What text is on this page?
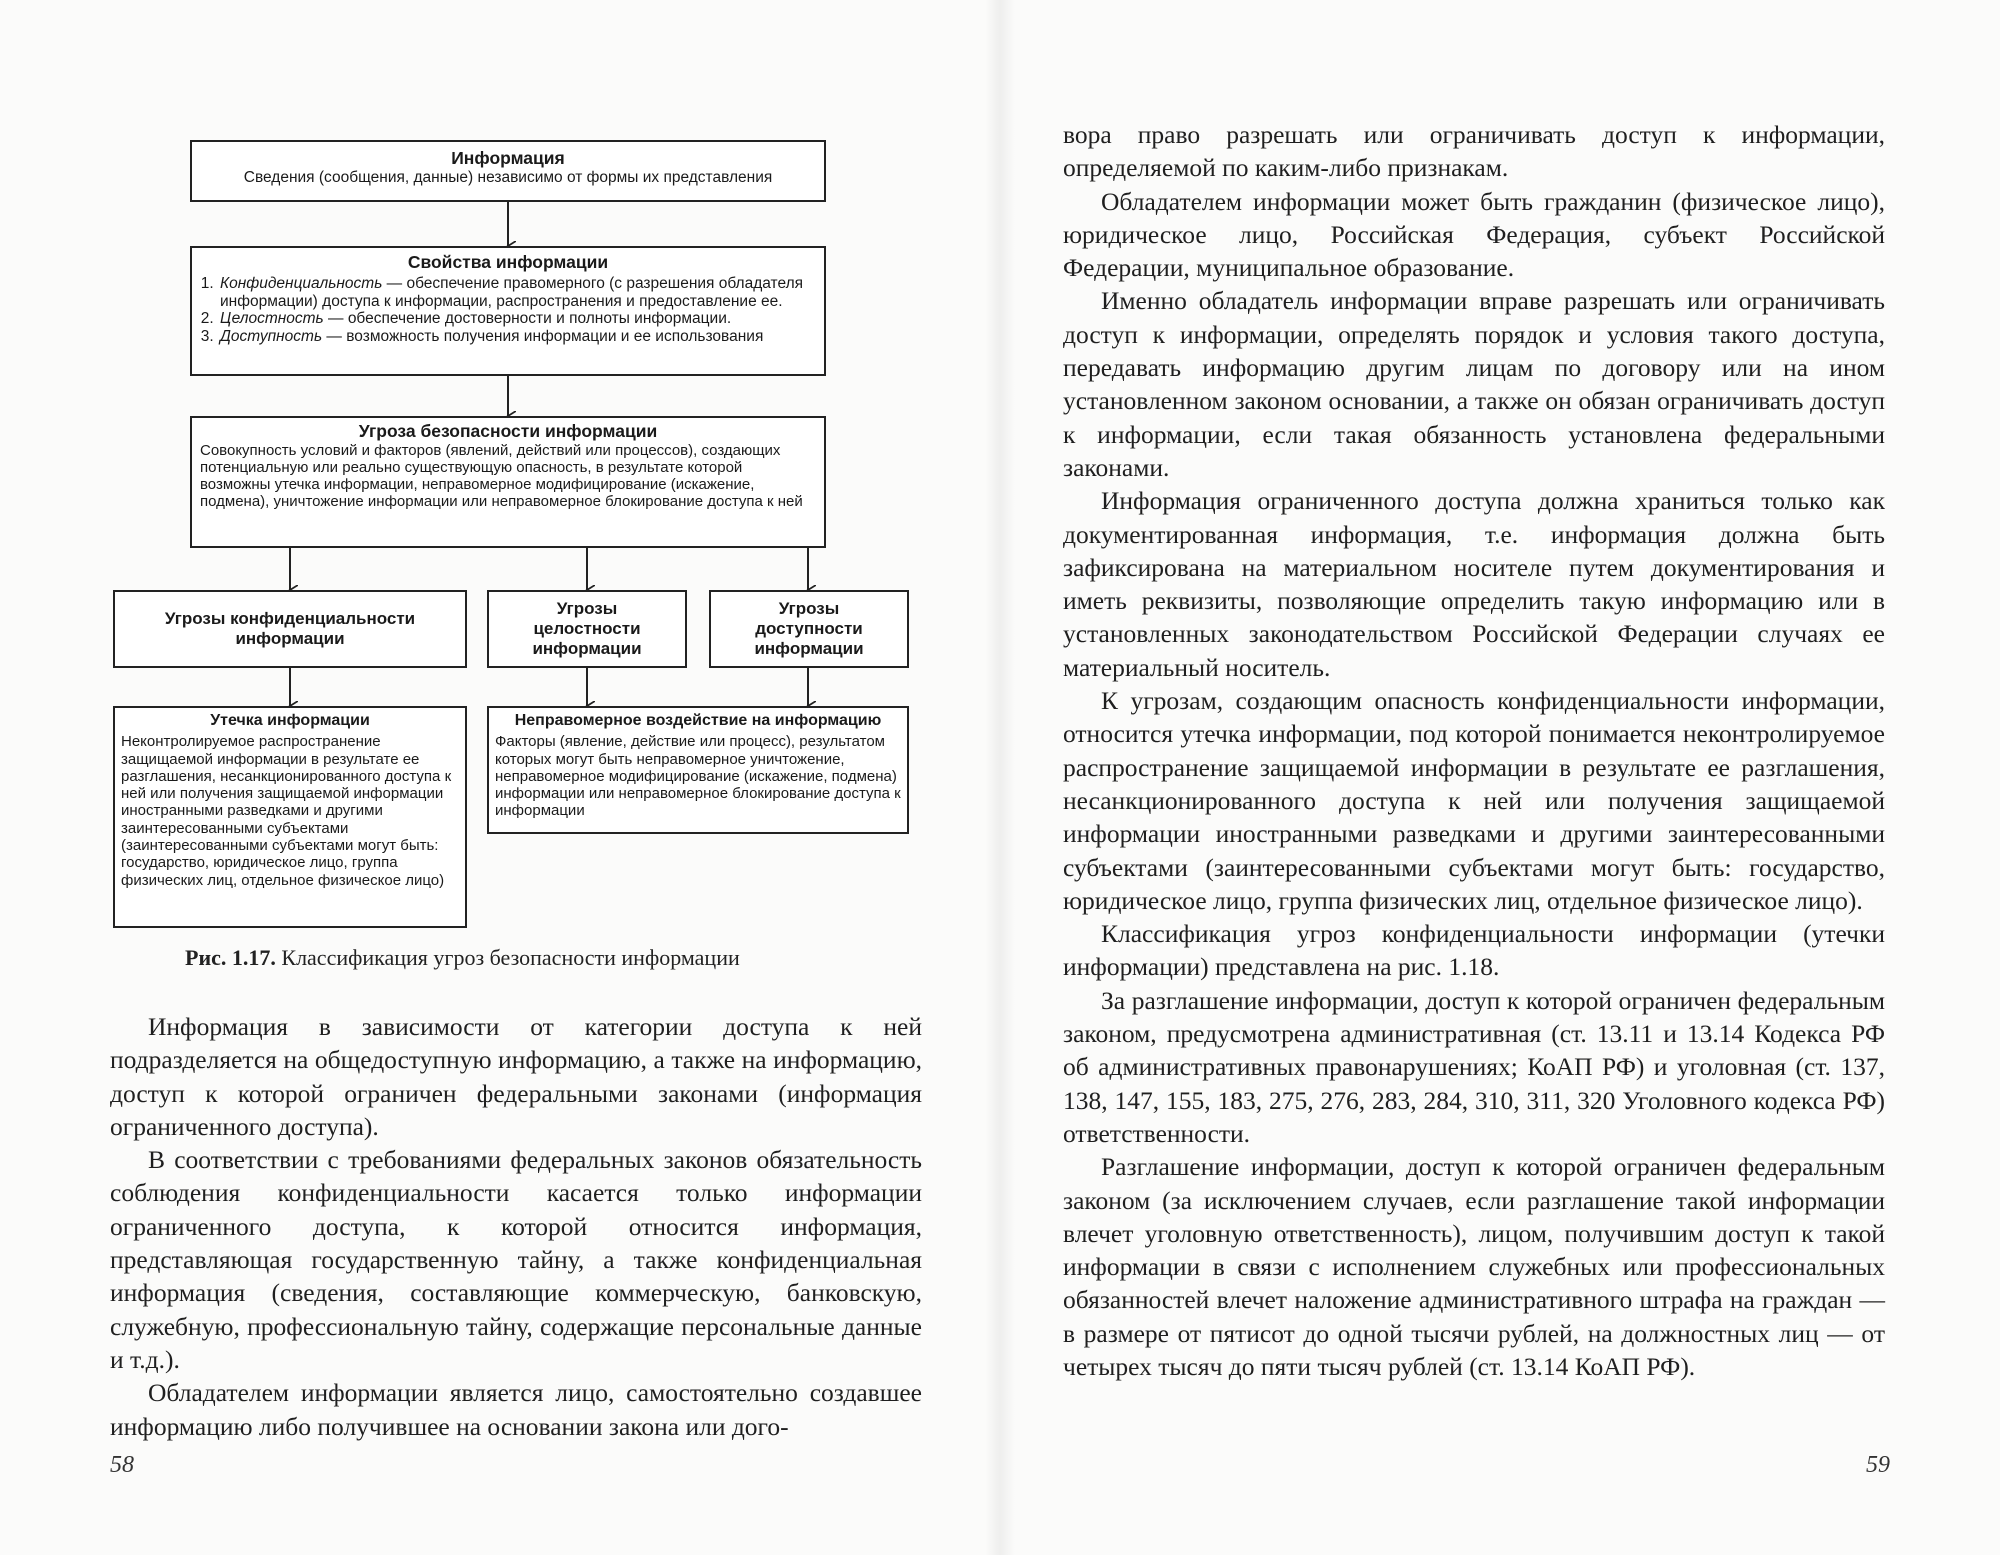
Информация

Сведения (сообщения, данные) независимо от формы их представления

Свойства информации
1. Конфиденциальность — обеспечение правомерного (с разрешения обладателя информации) доступа к информации, распространения и предоставление ее.
2. Целостность — обеспечение достоверности и полноты информации.
3. Доступность — возможность получения информации и ее использования
Угроза безопасности информации

Совокупность условий и факторов (явлений, действий или процессов), создающих потенциальную или реально существующую опасность, в результате которой возможны утечка информации, неправомерное модифицирование (искажение, подмена), уничтожение информации или неправомерное блокирование доступа к ней

Угрозы конфиденциальности информации
Угрозы целостности информации
Угрозы доступности информации
Утечка информации

Неконтролируемое распространение защищаемой информации в результате ее разглашения, несанкционированного доступа к ней или получения защищаемой информации иностранными разведками и другими заинтересованными субъектами (заинтересованными субъектами могут быть: государство, юридическое лицо, группа физических лиц, отдельное физическое лицо)

Неправомерное воздействие на информацию

Факторы (явление, действие или процесс), результатом которых могут быть неправомерное уничтожение, неправомерное модифицирование (искажение, подмена) информации или неправомерное блокирование доступа к информации

Рис. 1.17. Классификация угроз безопасности информации

Информация в зависимости от категории доступа к ней подразделяется на общедоступную информацию, а также на информацию, доступ к которой ограничен федеральными законами (информация ограниченного доступа).

В соответствии с требованиями федеральных законов обязательность соблюдения конфиденциальности касается только информации ограниченного доступа, к которой относится информация, представляющая государственную тайну, а также конфиденциальная информация (сведения, составляющие коммерческую, банковскую, служебную, профессиональную тайну, содержащие персональные данные и т.д.).

Обладателем информации является лицо, самостоятельно создавшее информацию либо получившее на основании закона или дого-

58

вора право разрешать или ограничивать доступ к информации, определяемой по каким-либо признакам.

Обладателем информации может быть гражданин (физическое лицо), юридическое лицо, Российская Федерация, субъект Российской Федерации, муниципальное образование.

Именно обладатель информации вправе разрешать или ограничивать доступ к информации, определять порядок и условия такого доступа, передавать информацию другим лицам по договору или на ином установленном законом основании, а также он обязан ограничивать доступ к информации, если такая обязанность установлена федеральными законами.

Информация ограниченного доступа должна храниться только как документированная информация, т.е. информация должна быть зафиксирована на материальном носителе путем документирования и иметь реквизиты, позволяющие определить такую информацию или в установленных законодательством Российской Федерации случаях ее материальный носитель.

К угрозам, создающим опасность конфиденциальности информации, относится утечка информации, под которой понимается неконтролируемое распространение защищаемой информации в результате ее разглашения, несанкционированного доступа к ней или получения защищаемой информации иностранными разведками и другими заинтересованными субъектами (заинтересованными субъектами могут быть: государство, юридическое лицо, группа физических лиц, отдельное физическое лицо).

Классификация угроз конфиденциальности информации (утечки информации) представлена на рис. 1.18.

За разглашение информации, доступ к которой ограничен федеральным законом, предусмотрена административная (ст. 13.11 и 13.14 Кодекса РФ об административных правонарушениях; КоАП РФ) и уголовная (ст. 137, 138, 147, 155, 183, 275, 276, 283, 284, 310, 311, 320 Уголовного кодекса РФ) ответственности.

Разглашение информации, доступ к которой ограничен федеральным законом (за исключением случаев, если разглашение такой информации влечет уголовную ответственность), лицом, получившим доступ к такой информации в связи с исполнением служебных или профессиональных обязанностей влечет наложение административного штрафа на граждан — в размере от пятисот до одной тысячи рублей, на должностных лиц — от четырех тысяч до пяти тысяч рублей (ст. 13.14 КоАП РФ).

59
